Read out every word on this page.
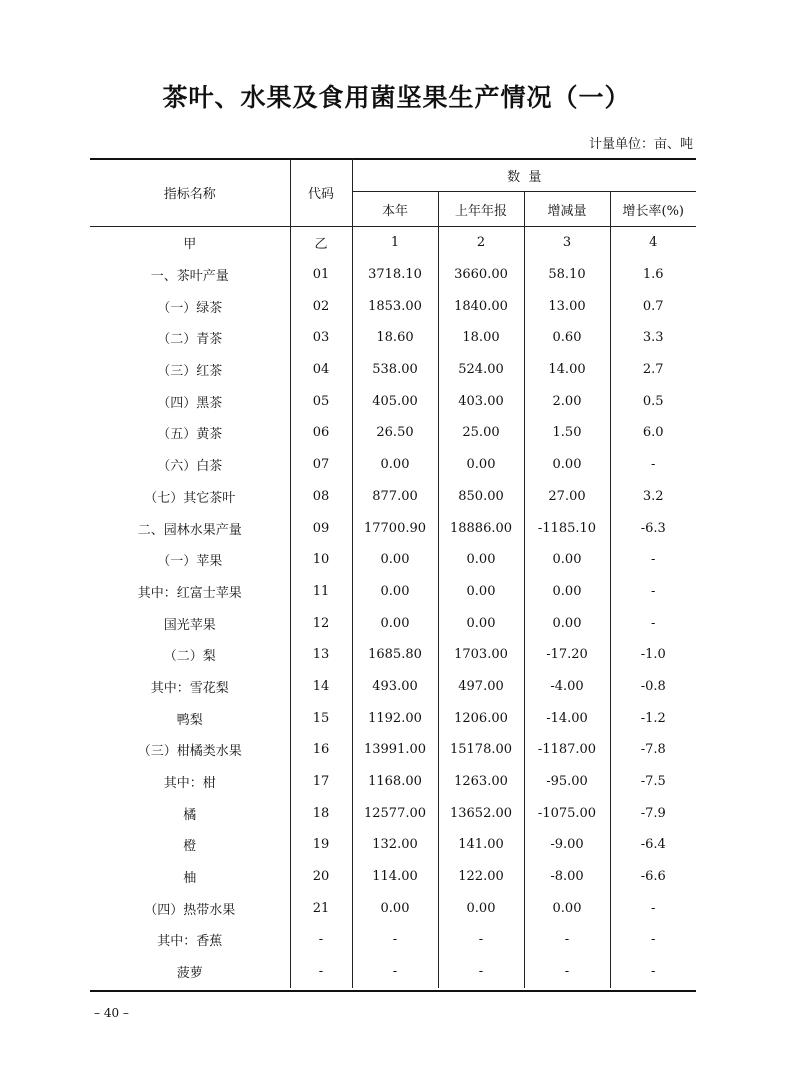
茶叶、水果及食用菌坚果生产情况（一）
计量单位：亩、吨
指标名称	代码	数  量			
		本年	上年年报	增减量	增长率(%)
甲	乙	1	2	3	4
一、茶叶产量	01	3718.10	3660.00	58.10	1.6
（一）绿茶	02	1853.00	1840.00	13.00	0.7
（二）青茶	03	18.60	18.00	0.60	3.3
（三）红茶	04	538.00	524.00	14.00	2.7
（四）黑茶	05	405.00	403.00	2.00	0.5
（五）黄茶	06	26.50	25.00	1.50	6.0
（六）白茶	07	0.00	0.00	0.00	-
（七）其它茶叶	08	877.00	850.00	27.00	3.2
二、园林水果产量	09	17700.90	18886.00	-1185.10	-6.3
（一）苹果	10	0.00	0.00	0.00	-
其中：红富士苹果	11	0.00	0.00	0.00	-
国光苹果	12	0.00	0.00	0.00	-
（二）梨	13	1685.80	1703.00	-17.20	-1.0
其中：雪花梨	14	493.00	497.00	-4.00	-0.8
鸭梨	15	1192.00	1206.00	-14.00	-1.2
（三）柑橘类水果	16	13991.00	15178.00	-1187.00	-7.8
其中：柑	17	1168.00	1263.00	-95.00	-7.5
橘	18	12577.00	13652.00	-1075.00	-7.9
橙	19	132.00	141.00	-9.00	-6.4
柚	20	114.00	122.00	-8.00	-6.6
（四）热带水果	21	0.00	0.00	0.00	-
其中：香蕉	-	-	-	-	-
菠萝	-	-	-	-	-
– 40 –
